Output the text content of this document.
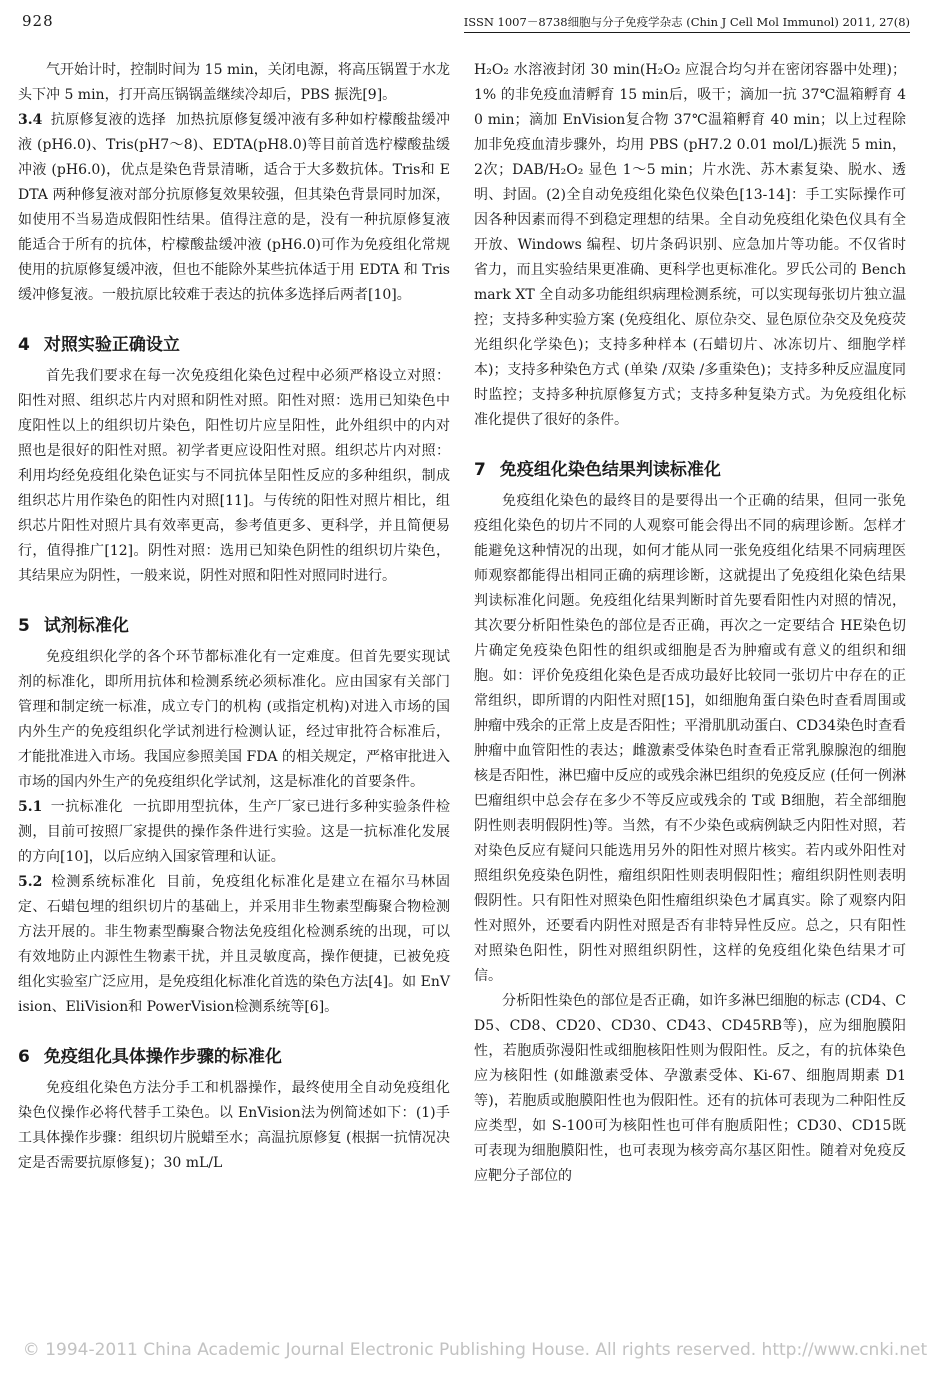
928	ISSN 1007－8738细胞与分子免疫学杂志 (Chin J Cell Mol Immunol) 2011, 27(8)

气开始计时，控制时间为 15 min，关闭电源，将高压锅置于水龙头下冲 5 min，打开高压锅锅盖继续冷却后，PBS 振洗[9]。

3.4 抗原修复液的选择 加热抗原修复缓冲液有多种如柠檬酸盐缓冲液 (pH6.0)、Tris(pH7～8)、EDTA(pH8.0)等目前首选柠檬酸盐缓冲液 (pH6.0)，优点是染色背景清晰，适合于大多数抗体。Tris和 EDTA 两种修复液对部分抗原修复效果较强，但其染色背景同时加深，如使用不当易造成假阳性结果。值得注意的是，没有一种抗原修复液能适合于所有的抗体，柠檬酸盐缓冲液 (pH6.0)可作为免疫组化常规使用的抗原修复缓冲液，但也不能除外某些抗体适于用 EDTA 和 Tris缓冲修复液。一般抗原比较难于表达的抗体多选择后两者[10]。

4 对照实验正确设立

首先我们要求在每一次免疫组化染色过程中必须严格设立对照：阳性对照、组织芯片内对照和阴性对照。阳性对照：选用已知染色中度阳性以上的组织切片染色，阳性切片应呈阳性，此外组织中的内对照也是很好的阳性对照。初学者更应设阳性对照。组织芯片内对照：利用均经免疫组化染色证实与不同抗体呈阳性反应的多种组织，制成组织芯片用作染色的阳性内对照[11]。与传统的阳性对照片相比，组织芯片阳性对照片具有效率更高，参考值更多、更科学，并且简便易行，值得推广[12]。阴性对照：选用已知染色阴性的组织切片染色，其结果应为阴性，一般来说，阴性对照和阳性对照同时进行。

5 试剂标准化

免疫组织化学的各个环节都标准化有一定难度。但首先要实现试剂的标准化，即所用抗体和检测系统必须标准化。应由国家有关部门管理和制定统一标准，成立专门的机构 (或指定机构)对进入市场的国内外生产的免疫组织化学试剂进行检测认证，经过审批符合标准后，才能批准进入市场。我国应参照美国 FDA 的相关规定，严格审批进入市场的国内外生产的免疫组织化学试剂，这是标准化的首要条件。

5.1 一抗标准化 一抗即用型抗体，生产厂家已进行多种实验条件检测，目前可按照厂家提供的操作条件进行实验。这是一抗标准化发展的方向[10]，以后应纳入国家管理和认证。

5.2 检测系统标准化 目前，免疫组化标准化是建立在福尔马林固定、石蜡包埋的组织切片的基础上，并采用非生物素型酶聚合物检测方法开展的。非生物素型酶聚合物法免疫组化检测系统的出现，可以有效地防止内源性生物素干扰，并且灵敏度高，操作便捷，已被免疫组化实验室广泛应用，是免疫组化标准化首选的染色方法[4]。如 EnVision、EliVision和 PowerVision检测系统等[6]。

6 免疫组化具体操作步骤的标准化

免疫组化染色方法分手工和机器操作，最终使用全自动免疫组化染色仪操作必将代替手工染色。以 EnVision法为例简述如下：(1)手工具体操作步骤：组织切片脱蜡至水；高温抗原修复 (根据一抗情况决定是否需要抗原修复)；30 mL/L

H₂O₂ 水溶液封闭 30 min(H₂O₂ 应混合均匀并在密闭容器中处理)；1% 的非免疫血清孵育 15 min后，吸干；滴加一抗 37℃温箱孵育 40 min；滴加 EnVision复合物 37℃温箱孵育 40 min；以上过程除加非免疫血清步骤外，均用 PBS (pH7.2 0.01 mol/L)振洗 5 min，2次；DAB/H₂O₂ 显色 1～5 min；片水洗、苏木素复染、脱水、透明、封固。(2)全自动免疫组化染色仪染色[13-14]：手工实际操作可因各种因素而得不到稳定理想的结果。全自动免疫组化染色仪具有全开放、Windows 编程、切片条码识别、应急加片等功能。不仅省时省力，而且实验结果更准确、更科学也更标准化。罗氏公司的 Benchmark XT 全自动多功能组织病理检测系统，可以实现每张切片独立温控；支持多种实验方案 (免疫组化、原位杂交、显色原位杂交及免疫荧光组织化学染色)；支持多种样本 (石蜡切片、冰冻切片、细胞学样本)；支持多种染色方式 (单染 /双染 /多重染色)；支持多种反应温度同时监控；支持多种抗原修复方式；支持多种复染方式。为免疫组化标准化提供了很好的条件。

7 免疫组化染色结果判读标准化

免疫组化染色的最终目的是要得出一个正确的结果，但同一张免疫组化染色的切片不同的人观察可能会得出不同的病理诊断。怎样才能避免这种情况的出现，如何才能从同一张免疫组化结果不同病理医师观察都能得出相同正确的病理诊断，这就提出了免疫组化染色结果判读标准化问题。免疫组化结果判断时首先要看阳性内对照的情况，其次要分析阳性染色的部位是否正确，再次之一定要结合 HE染色切片确定免疫染色阳性的组织或细胞是否为肿瘤或有意义的组织和细胞。如：评价免疫组化染色是否成功最好比较同一张切片中存在的正常组织，即所谓的内阳性对照[15]，如细胞角蛋白染色时查看周围或肿瘤中残余的正常上皮是否阳性；平滑肌肌动蛋白、CD34染色时查看肿瘤中血管阳性的表达；雌激素受体染色时查看正常乳腺腺泡的细胞核是否阳性，淋巴瘤中反应的或残余淋巴组织的免疫反应 (任何一例淋巴瘤组织中总会存在多少不等反应或残余的 T或 B细胞，若全部细胞阴性则表明假阴性)等。当然，有不少染色或病例缺乏内阳性对照，若对染色反应有疑问只能选用另外的阳性对照片核实。若内或外阳性对照组织免疫染色阴性，瘤组织阳性则表明假阳性；瘤组织阴性则表明假阴性。只有阳性对照染色阳性瘤组织染色才属真实。除了观察内阳性对照外，还要看内阴性对照是否有非特异性反应。总之，只有阳性对照染色阳性，阴性对照组织阴性，这样的免疫组化染色结果才可信。

分析阳性染色的部位是否正确，如许多淋巴细胞的标志 (CD4、CD5、CD8、CD20、CD30、CD43、CD45RB等)，应为细胞膜阳性，若胞质弥漫阳性或细胞核阳性则为假阳性。反之，有的抗体染色应为核阳性 (如雌激素受体、孕激素受体、Ki-67、细胞周期素 D1等)，若胞质或胞膜阳性也为假阳性。还有的抗体可表现为二种阳性反应类型，如 S-100可为核阳性也可伴有胞质阳性；CD30、CD15既可表现为细胞膜阳性，也可表现为核旁高尔基区阳性。随着对免疫反应靶分子部位的

© 1994-2011 China Academic Journal Electronic Publishing House. All rights reserved. http://www.cnki.net
